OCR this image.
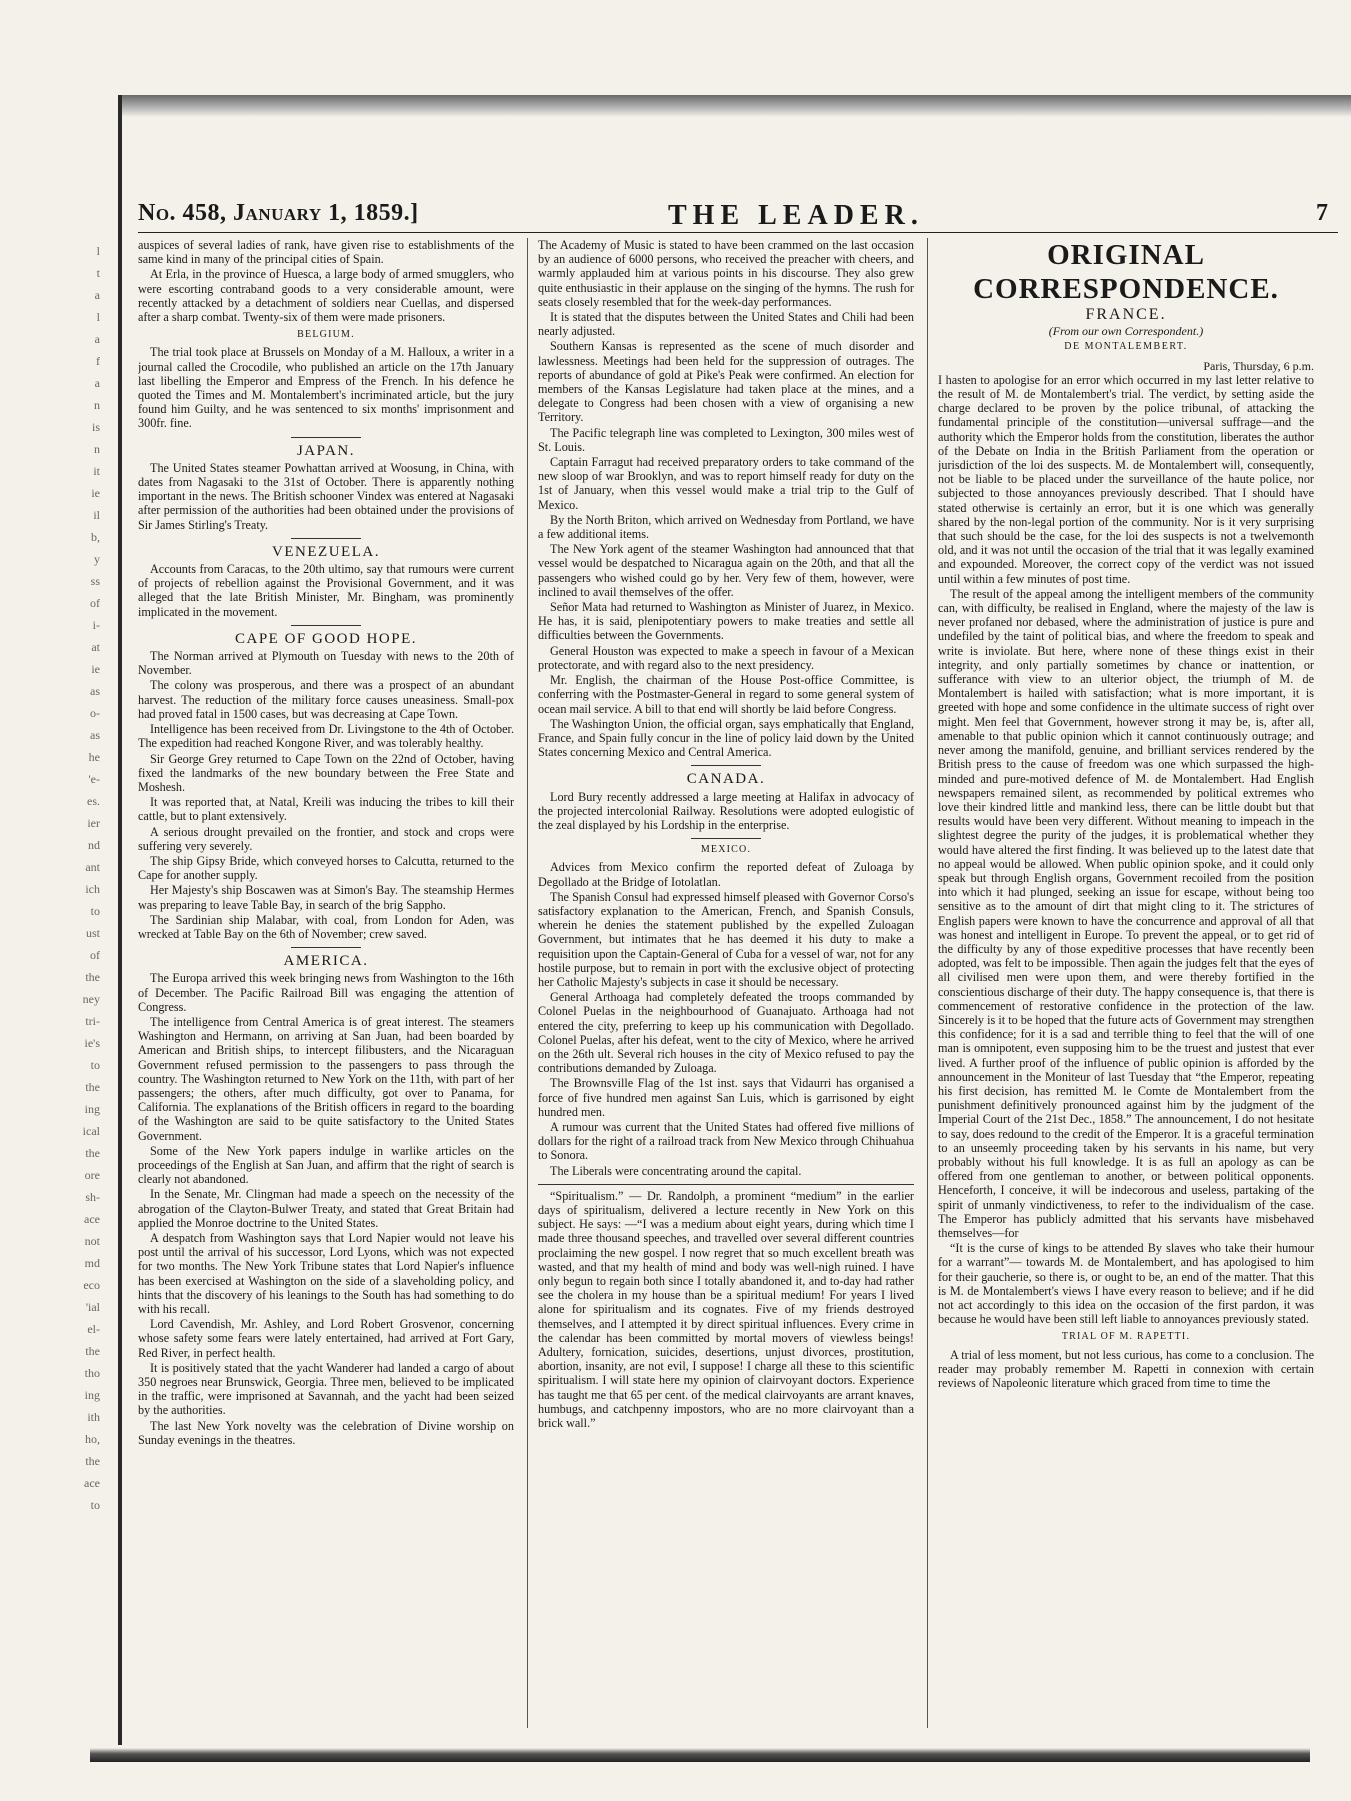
l
t
a
l
a
f
a
n
is
n
it
ie
il
b,
y
ss
of
i-
at
ie
as
o-
as
he
'e-
es.
ier
nd
ant
ich
to
ust
of
the
ney
tri-
ie's
to
the
ing
ical
the
ore
sh-
ace
not
md
eco
'ial
el-
the
tho
ing
ith
ho,
the
ace
to
No. 458, January 1, 1859.]	THE LEADER.	7

auspices of several ladies of rank, have given rise to establishments of the same kind in many of the principal cities of Spain.

At Erla, in the province of Huesca, a large body of armed smugglers, who were escorting contraband goods to a very considerable amount, were recently attacked by a detachment of soldiers near Cuellas, and dispersed after a sharp combat. Twenty-six of them were made prisoners.

BELGIUM.

The trial took place at Brussels on Monday of a M. Halloux, a writer in a journal called the Crocodile, who published an article on the 17th January last libelling the Emperor and Empress of the French. In his defence he quoted the Times and M. Montalembert's incriminated article, but the jury found him Guilty, and he was sentenced to six months' imprisonment and 300fr. fine.

JAPAN.

The United States steamer Powhattan arrived at Woosung, in China, with dates from Nagasaki to the 31st of October. There is apparently nothing important in the news. The British schooner Vindex was entered at Nagasaki after permission of the authorities had been obtained under the provisions of Sir James Stirling's Treaty.

VENEZUELA.

Accounts from Caracas, to the 20th ultimo, say that rumours were current of projects of rebellion against the Provisional Government, and it was alleged that the late British Minister, Mr. Bingham, was prominently implicated in the movement.

CAPE OF GOOD HOPE.

The Norman arrived at Plymouth on Tuesday with news to the 20th of November.

The colony was prosperous, and there was a prospect of an abundant harvest. The reduction of the military force causes uneasiness. Small-pox had proved fatal in 1500 cases, but was decreasing at Cape Town.

Intelligence has been received from Dr. Livingstone to the 4th of October. The expedition had reached Kongone River, and was tolerably healthy.

Sir George Grey returned to Cape Town on the 22nd of October, having fixed the landmarks of the new boundary between the Free State and Moshesh.

It was reported that, at Natal, Kreili was inducing the tribes to kill their cattle, but to plant extensively.

A serious drought prevailed on the frontier, and stock and crops were suffering very severely.

The ship Gipsy Bride, which conveyed horses to Calcutta, returned to the Cape for another supply.

Her Majesty's ship Boscawen was at Simon's Bay. The steamship Hermes was preparing to leave Table Bay, in search of the brig Sappho.

The Sardinian ship Malabar, with coal, from London for Aden, was wrecked at Table Bay on the 6th of November; crew saved.

AMERICA.

The Europa arrived this week bringing news from Washington to the 16th of December. The Pacific Railroad Bill was engaging the attention of Congress.

The intelligence from Central America is of great interest. The steamers Washington and Hermann, on arriving at San Juan, had been boarded by American and British ships, to intercept filibusters, and the Nicaraguan Government refused permission to the passengers to pass through the country. The Washington returned to New York on the 11th, with part of her passengers; the others, after much difficulty, got over to Panama, for California. The explanations of the British officers in regard to the boarding of the Washington are said to be quite satisfactory to the United States Government.

Some of the New York papers indulge in warlike articles on the proceedings of the English at San Juan, and affirm that the right of search is clearly not abandoned.

In the Senate, Mr. Clingman had made a speech on the necessity of the abrogation of the Clayton-Bulwer Treaty, and stated that Great Britain had applied the Monroe doctrine to the United States.

A despatch from Washington says that Lord Napier would not leave his post until the arrival of his successor, Lord Lyons, which was not expected for two months. The New York Tribune states that Lord Napier's influence has been exercised at Washington on the side of a slaveholding policy, and hints that the discovery of his leanings to the South has had something to do with his recall.

Lord Cavendish, Mr. Ashley, and Lord Robert Grosvenor, concerning whose safety some fears were lately entertained, had arrived at Fort Gary, Red River, in perfect health.

It is positively stated that the yacht Wanderer had landed a cargo of about 350 negroes near Brunswick, Georgia. Three men, believed to be implicated in the traffic, were imprisoned at Savannah, and the yacht had been seized by the authorities.

The last New York novelty was the celebration of Divine worship on Sunday evenings in the theatres.

The Academy of Music is stated to have been crammed on the last occasion by an audience of 6000 persons, who received the preacher with cheers, and warmly applauded him at various points in his discourse. They also grew quite enthusiastic in their applause on the singing of the hymns. The rush for seats closely resembled that for the week-day performances.

It is stated that the disputes between the United States and Chili had been nearly adjusted.

Southern Kansas is represented as the scene of much disorder and lawlessness. Meetings had been held for the suppression of outrages. The reports of abundance of gold at Pike's Peak were confirmed. An election for members of the Kansas Legislature had taken place at the mines, and a delegate to Congress had been chosen with a view of organising a new Territory.

The Pacific telegraph line was completed to Lexington, 300 miles west of St. Louis.

Captain Farragut had received preparatory orders to take command of the new sloop of war Brooklyn, and was to report himself ready for duty on the 1st of January, when this vessel would make a trial trip to the Gulf of Mexico.

By the North Briton, which arrived on Wednesday from Portland, we have a few additional items.

The New York agent of the steamer Washington had announced that that vessel would be despatched to Nicaragua again on the 20th, and that all the passengers who wished could go by her. Very few of them, however, were inclined to avail themselves of the offer.

Señor Mata had returned to Washington as Minister of Juarez, in Mexico. He has, it is said, plenipotentiary powers to make treaties and settle all difficulties between the Governments.

General Houston was expected to make a speech in favour of a Mexican protectorate, and with regard also to the next presidency.

Mr. English, the chairman of the House Post-office Committee, is conferring with the Postmaster-General in regard to some general system of ocean mail service. A bill to that end will shortly be laid before Congress.

The Washington Union, the official organ, says emphatically that England, France, and Spain fully concur in the line of policy laid down by the United States concerning Mexico and Central America.

CANADA.

Lord Bury recently addressed a large meeting at Halifax in advocacy of the projected intercolonial Railway. Resolutions were adopted eulogistic of the zeal displayed by his Lordship in the enterprise.

MEXICO.

Advices from Mexico confirm the reported defeat of Zuloaga by Degollado at the Bridge of Iotolatlan.

The Spanish Consul had expressed himself pleased with Governor Corso's satisfactory explanation to the American, French, and Spanish Consuls, wherein he denies the statement published by the expelled Zuloagan Government, but intimates that he has deemed it his duty to make a requisition upon the Captain-General of Cuba for a vessel of war, not for any hostile purpose, but to remain in port with the exclusive object of protecting her Catholic Majesty's subjects in case it should be necessary.

General Arthoaga had completely defeated the troops commanded by Colonel Puelas in the neighbourhood of Guanajuato. Arthoaga had not entered the city, preferring to keep up his communication with Degollado. Colonel Puelas, after his defeat, went to the city of Mexico, where he arrived on the 26th ult. Several rich houses in the city of Mexico refused to pay the contributions demanded by Zuloaga.

The Brownsville Flag of the 1st inst. says that Vidaurri has organised a force of five hundred men against San Luis, which is garrisoned by eight hundred men.

A rumour was current that the United States had offered five millions of dollars for the right of a railroad track from New Mexico through Chihuahua to Sonora.

The Liberals were concentrating around the capital.

“Spiritualism.” — Dr. Randolph, a prominent “medium” in the earlier days of spiritualism, delivered a lecture recently in New York on this subject. He says: —“I was a medium about eight years, during which time I made three thousand speeches, and travelled over several different countries proclaiming the new gospel. I now regret that so much excellent breath was wasted, and that my health of mind and body was well-nigh ruined. I have only begun to regain both since I totally abandoned it, and to-day had rather see the cholera in my house than be a spiritual medium! For years I lived alone for spiritualism and its cognates. Five of my friends destroyed themselves, and I attempted it by direct spiritual influences. Every crime in the calendar has been committed by mortal movers of viewless beings! Adultery, fornication, suicides, desertions, unjust divorces, prostitution, abortion, insanity, are not evil, I suppose! I charge all these to this scientific spiritualism. I will state here my opinion of clairvoyant doctors. Experience has taught me that 65 per cent. of the medical clairvoyants are arrant knaves, humbugs, and catchpenny impostors, who are no more clairvoyant than a brick wall.”

ORIGINAL CORRESPONDENCE.
FRANCE.
(From our own Correspondent.)
DE MONTALEMBERT.
Paris, Thursday, 6 p.m.

I hasten to apologise for an error which occurred in my last letter relative to the result of M. de Montalembert's trial. The verdict, by setting aside the charge declared to be proven by the police tribunal, of attacking the fundamental principle of the constitution—universal suffrage—and the authority which the Emperor holds from the constitution, liberates the author of the Debate on India in the British Parliament from the operation or jurisdiction of the loi des suspects. M. de Montalembert will, consequently, not be liable to be placed under the surveillance of the haute police, nor subjected to those annoyances previously described. That I should have stated otherwise is certainly an error, but it is one which was generally shared by the non-legal portion of the community. Nor is it very surprising that such should be the case, for the loi des suspects is not a twelvemonth old, and it was not until the occasion of the trial that it was legally examined and expounded. Moreover, the correct copy of the verdict was not issued until within a few minutes of post time.

The result of the appeal among the intelligent members of the community can, with difficulty, be realised in England, where the majesty of the law is never profaned nor debased, where the administration of justice is pure and undefiled by the taint of political bias, and where the freedom to speak and write is inviolate. But here, where none of these things exist in their integrity, and only partially sometimes by chance or inattention, or sufferance with view to an ulterior object, the triumph of M. de Montalembert is hailed with satisfaction; what is more important, it is greeted with hope and some confidence in the ultimate success of right over might. Men feel that Government, however strong it may be, is, after all, amenable to that public opinion which it cannot continuously outrage; and never among the manifold, genuine, and brilliant services rendered by the British press to the cause of freedom was one which surpassed the high-minded and pure-motived defence of M. de Montalembert. Had English newspapers remained silent, as recommended by political extremes who love their kindred little and mankind less, there can be little doubt but that results would have been very different. Without meaning to impeach in the slightest degree the purity of the judges, it is problematical whether they would have altered the first finding. It was believed up to the latest date that no appeal would be allowed. When public opinion spoke, and it could only speak but through English organs, Government recoiled from the position into which it had plunged, seeking an issue for escape, without being too sensitive as to the amount of dirt that might cling to it. The strictures of English papers were known to have the concurrence and approval of all that was honest and intelligent in Europe. To prevent the appeal, or to get rid of the difficulty by any of those expeditive processes that have recently been adopted, was felt to be impossible. Then again the judges felt that the eyes of all civilised men were upon them, and were thereby fortified in the conscientious discharge of their duty. The happy consequence is, that there is commencement of restorative confidence in the protection of the law. Sincerely is it to be hoped that the future acts of Government may strengthen this confidence; for it is a sad and terrible thing to feel that the will of one man is omnipotent, even supposing him to be the truest and justest that ever lived. A further proof of the influence of public opinion is afforded by the announcement in the Moniteur of last Tuesday that “the Emperor, repeating his first decision, has remitted M. le Comte de Montalembert from the punishment definitively pronounced against him by the judgment of the Imperial Court of the 21st Dec., 1858.” The announcement, I do not hesitate to say, does redound to the credit of the Emperor. It is a graceful termination to an unseemly proceeding taken by his servants in his name, but very probably without his full knowledge. It is as full an apology as can be offered from one gentleman to another, or between political opponents. Henceforth, I conceive, it will be indecorous and useless, partaking of the spirit of unmanly vindictiveness, to refer to the individualism of the case. The Emperor has publicly admitted that his servants have misbehaved themselves—for

“It is the curse of kings to be attended By slaves who take their humour for a warrant”— towards M. de Montalembert, and has apologised to him for their gaucherie, so there is, or ought to be, an end of the matter. That this is M. de Montalembert's views I have every reason to believe; and if he did not act accordingly to this idea on the occasion of the first pardon, it was because he would have been still left liable to annoyances previously stated.

TRIAL OF M. RAPETTI.

A trial of less moment, but not less curious, has come to a conclusion. The reader may probably remember M. Rapetti in connexion with certain reviews of Napoleonic literature which graced from time to time the
